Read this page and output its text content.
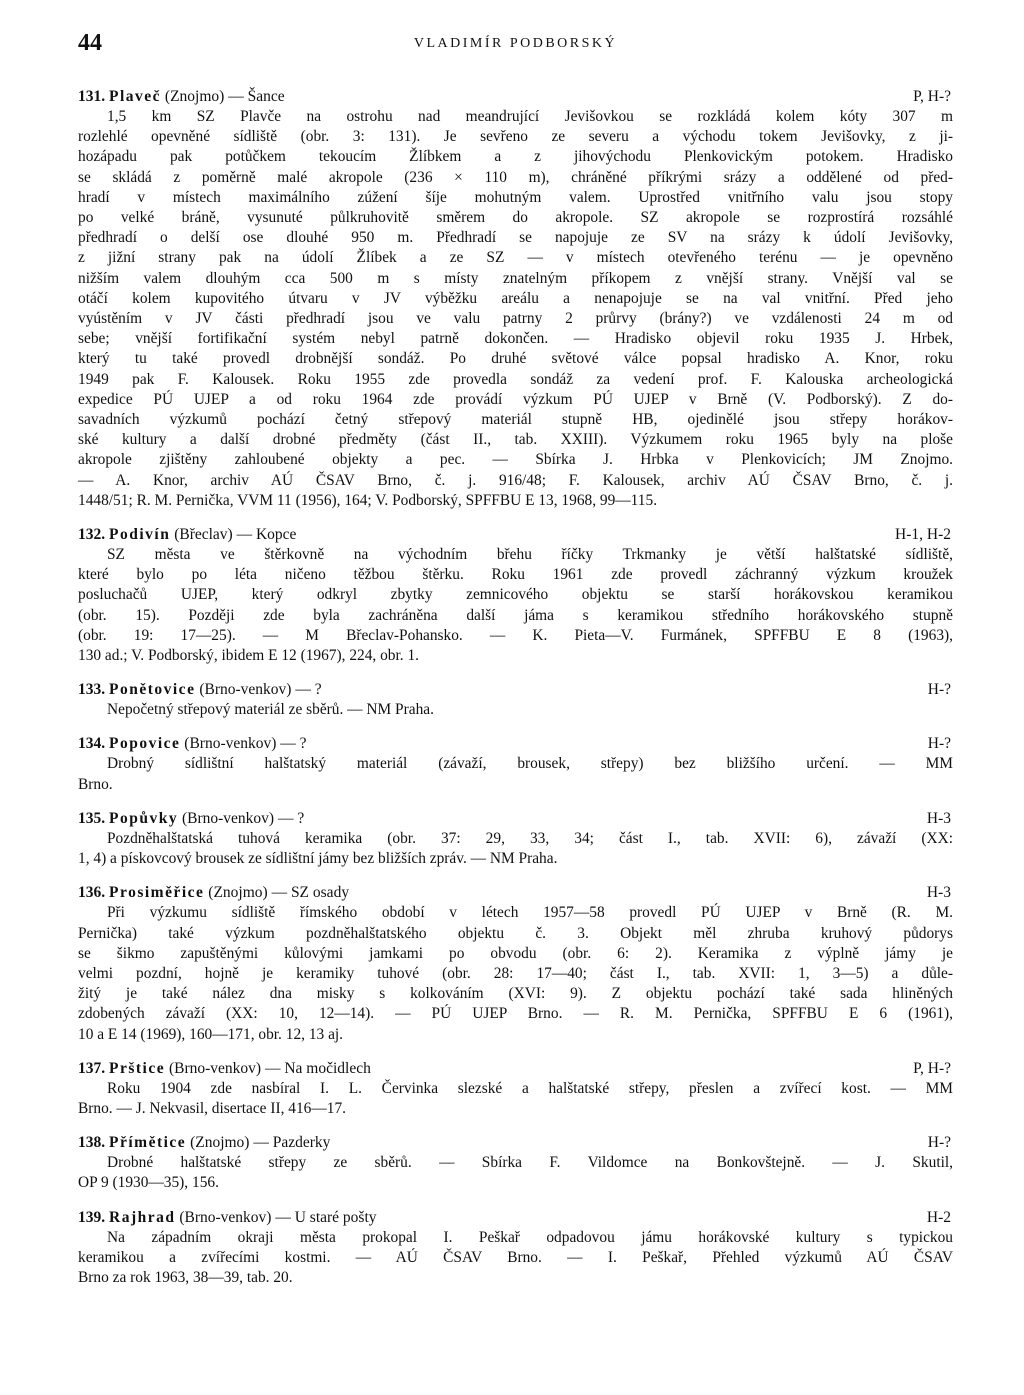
44	VLADIMÍR PODBORSKÝ
131. Plaveč (Znojmo) — Šance	P, H-?
1,5 km SZ Plavče na ostrohu nad meandrující Jevišovkou se rozkládá kolem kóty 307 m
rozlehlé opevněné sídliště (obr. 3: 131). Je sevřeno ze severu a východu tokem Jevišovky, z ji-
hozápadu pak potůčkem tekoucím Žlíbkem a z jihovýchodu Plenkovickým potokem. Hradisko
se skládá z poměrně malé akropole (236 × 110 m), chráněné příkrými srázy a oddělené od před-
hradí v místech maximálního zúžení šíje mohutným valem. Uprostřed vnitřního valu jsou stopy
po velké bráně, vysunuté půlkruhovitě směrem do akropole. SZ akropole se rozprostírá rozsáhlé
předhradí o delší ose dlouhé 950 m. Předhradí se napojuje ze SV na srázy k údolí Jevišovky,
z jižní strany pak na údolí Žlíbek a ze SZ — v místech otevřeného terénu — je opevněno
nižším valem dlouhým cca 500 m s místy znatelným příkopem z vnější strany. Vnější val se
otáčí kolem kupovitého útvaru v JV výběžku areálu a nenapojuje se na val vnitřní. Před jeho
vyústěním v JV části předhradí jsou ve valu patrny 2 průrvy (brány?) ve vzdálenosti 24 m od
sebe; vnější fortifikační systém nebyl patrně dokončen. — Hradisko objevil roku 1935 J. Hrbek,
který tu také provedl drobnější sondáž. Po druhé světové válce popsal hradisko A. Knor, roku
1949 pak F. Kalousek. Roku 1955 zde provedla sondáž za vedení prof. F. Kalouska archeologická
expedice PÚ UJEP a od roku 1964 zde provádí výzkum PÚ UJEP v Brně (V. Podborský). Z do-
savadních výzkumů pochází četný střepový materiál stupně HB, ojedinělé jsou střepy horákov-
ské kultury a další drobné předměty (část II., tab. XXIII). Výzkumem roku 1965 byly na ploše
akropole zjištěny zahloubené objekty a pec. — Sbírka J. Hrbka v Plenkovicích; JM Znojmo.
— A. Knor, archiv AÚ ČSAV Brno, č. j. 916/48; F. Kalousek, archiv AÚ ČSAV Brno, č. j.
1448/51; R. M. Pernička, VVM 11 (1956), 164; V. Podborský, SPFFBU E 13, 1968, 99—115.
132. Podivín (Břeclav) — Kopce	H-1, H-2
SZ města ve štěrkovně na východním břehu říčky Trkmanky je větší halštatské sídliště,
které bylo po léta ničeno těžbou štěrku. Roku 1961 zde provedl záchranný výzkum kroužek
posluchačů UJEP, který odkryl zbytky zemnicového objektu se starší horákovskou keramikou
(obr. 15). Později zde byla zachráněna další jáma s keramikou středního horákovského stupně
(obr. 19: 17—25). — M Břeclav-Pohansko. — K. Pieta—V. Furmánek, SPFFBU E 8 (1963),
130 ad.; V. Podborský, ibidem E 12 (1967), 224, obr. 1.
133. Ponětovice (Brno-venkov) — ?	H-?
Nepočetný střepový materiál ze sběrů. — NM Praha.
134. Popovice (Brno-venkov) — ?	H-?
Drobný sídlištní halštatský materiál (závaží, brousek, střepy) bez bližšího určení. — MM
Brno.
135. Popůvky (Brno-venkov) — ?	H-3
Pozdněhalštatská tuhová keramika (obr. 37: 29, 33, 34; část I., tab. XVII: 6), závaží (XX:
1, 4) a pískovcový brousek ze sídlištní jámy bez bližších zpráv. — NM Praha.
136. Prosiměřice (Znojmo) — SZ osady	H-3
Při výzkumu sídliště římského období v létech 1957—58 provedl PÚ UJEP v Brně (R. M.
Pernička) také výzkum pozdněhalštatského objektu č. 3. Objekt měl zhruba kruhový půdorys
se šikmo zapuštěnými kůlovými jamkami po obvodu (obr. 6: 2). Keramika z výplně jámy je
velmi pozdní, hojně je keramiky tuhové (obr. 28: 17—40; část I., tab. XVII: 1, 3—5) a důle-
žitý je také nález dna misky s kolkováním (XVI: 9). Z objektu pochází také sada hliněných
zdobených závaží (XX: 10, 12—14). — PÚ UJEP Brno. — R. M. Pernička, SPFFBU E 6 (1961),
10 a E 14 (1969), 160—171, obr. 12, 13 aj.
137. Prštice (Brno-venkov) — Na močidlech	P, H-?
Roku 1904 zde nasbíral I. L. Červinka slezské a halštatské střepy, přeslen a zvířecí kost. — MM
Brno. — J. Nekvasil, disertace II, 416—17.
138. Přímětice (Znojmo) — Pazderky	H-?
Drobné halštatské střepy ze sběrů. — Sbírka F. Vildomce na Bonkovštejně. — J. Skutil,
OP 9 (1930—35), 156.
139. Rajhrad (Brno-venkov) — U staré pošty	H-2
Na západním okraji města prokopal I. Peškař odpadovou jámu horákovské kultury s typickou
keramikou a zvířecími kostmi. — AÚ ČSAV Brno. — I. Peškař, Přehled výzkumů AÚ ČSAV
Brno za rok 1963, 38—39, tab. 20.
